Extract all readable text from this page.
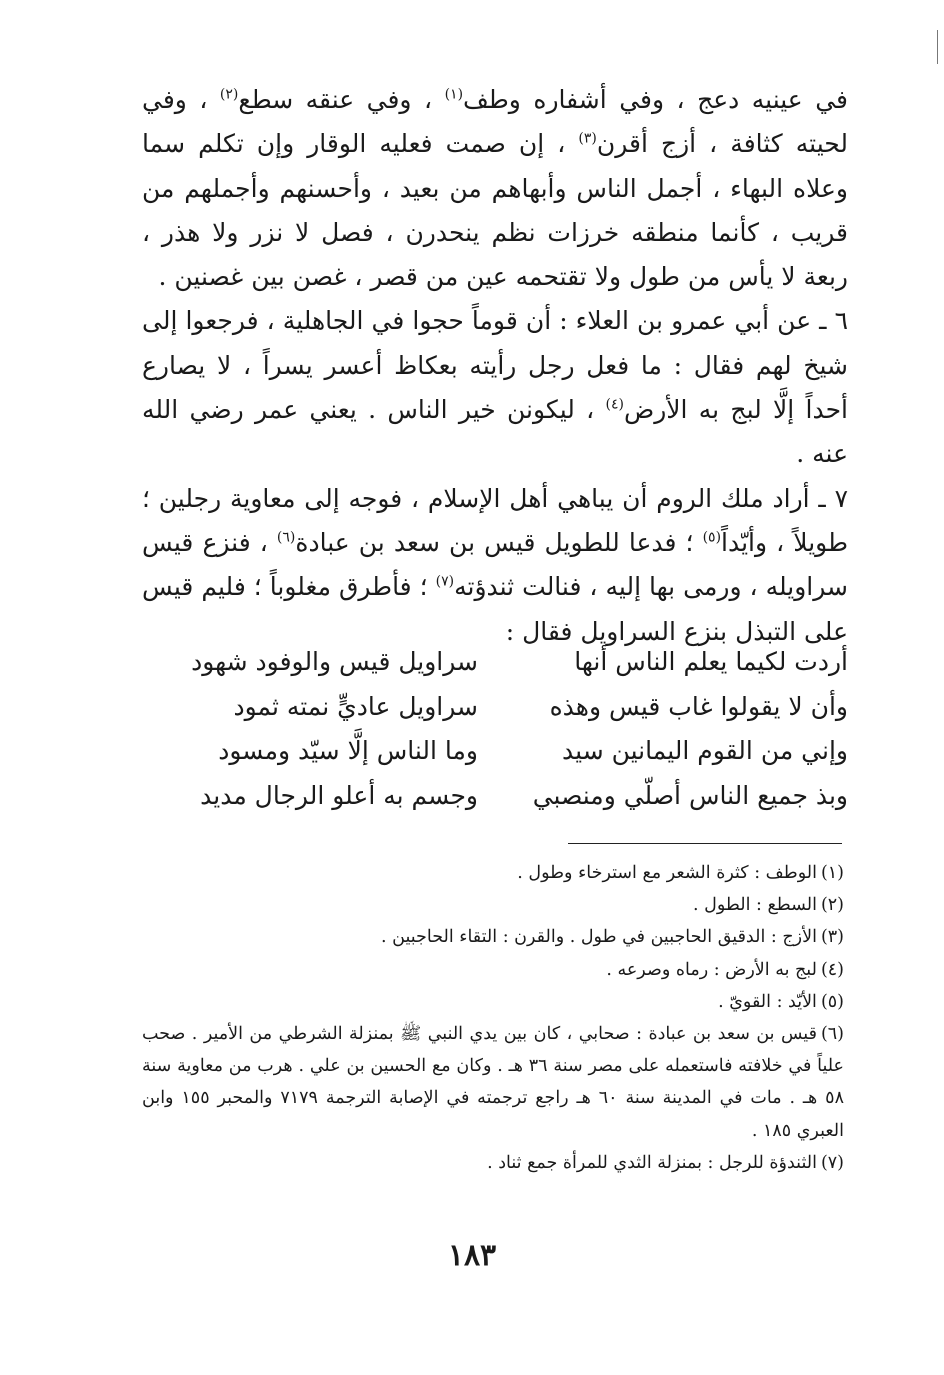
في عينيه دعج ، وفي أشفاره وطف$^{(١)}$ ، وفي عنقه سطع$^{(٢)}$ ، وفي لحيته كثافة ، أزج أقرن$^{(٣)}$ ، إن صمت فعليه الوقار وإن تكلم سما وعلاه البهاء ، أجمل الناس وأبهاهم من بعيد ، وأحسنهم وأجملهم من قريب ، كأنما منطقه خرزات نظم ينحدرن ، فصل لا نزر ولا هذر ، ربعة لا يأس من طول ولا تقتحمه عين من قصر ، غصن بين غصنين .

٦ ـ عن أبي عمرو بن العلاء : أن قوماً حجوا في الجاهلية ، فرجعوا إلى شيخ لهم فقال : ما فعل رجل رأيته بعكاظ أعسر يسراً ، لا يصارع أحداً إلَّا لبج به الأرض$^{(٤)}$ ، ليكونن خير الناس . يعني عمر رضي الله عنه .

٧ ـ أراد ملك الروم أن يباهي أهل الإسلام ، فوجه إلى معاوية رجلين ؛ طويلاً ، وأيّداً$^{(٥)}$ ؛ فدعا للطويل قيس بن سعد بن عبادة$^{(٦)}$ ، فنزع قيس سراويله ، ورمى بها إليه ، فنالت ثندؤته$^{(٧)}$ ؛ فأطرق مغلوباً ؛ فليم قيس على التبذل بنزع السراويل فقال :

أردت لكيما يعلم الناس أنها
سراويل قيس والوفود شهود
وأن لا يقولوا غاب قيس وهذه
سراويل عاديٍّ نمته ثمود
وإني من القوم اليمانين سيد
وما الناس إلَّا سيّد ومسود
وبذ جميع الناس أصلّي ومنصبي
وجسم به أعلو الرجال مديد
(١)الوطف : كثرة الشعر مع استرخاء وطول .
(٢)السطع : الطول .
(٣)الأزج : الدقيق الحاجبين في طول . والقرن : التقاء الحاجبين .
(٤)لبج به الأرض : رماه وصرعه .
(٥)الأيّد : القويّ .
(٦)قيس بن سعد بن عبادة : صحابي ، كان بين يدي النبي ﷺ بمنزلة الشرطي من الأمير . صحب علياً في خلافته فاستعمله على مصر سنة ٣٦ هـ . وكان مع الحسين بن علي . هرب من معاوية سنة ٥٨ هـ . مات في المدينة سنة ٦٠ هـ راجع ترجمته في الإصابة الترجمة ٧١٧٩ والمحبر ١٥٥ وابن العبري ١٨٥ .
(٧)الثندؤة للرجل : بمنزلة الثدي للمرأة جمع ثناد .
١٨٣
